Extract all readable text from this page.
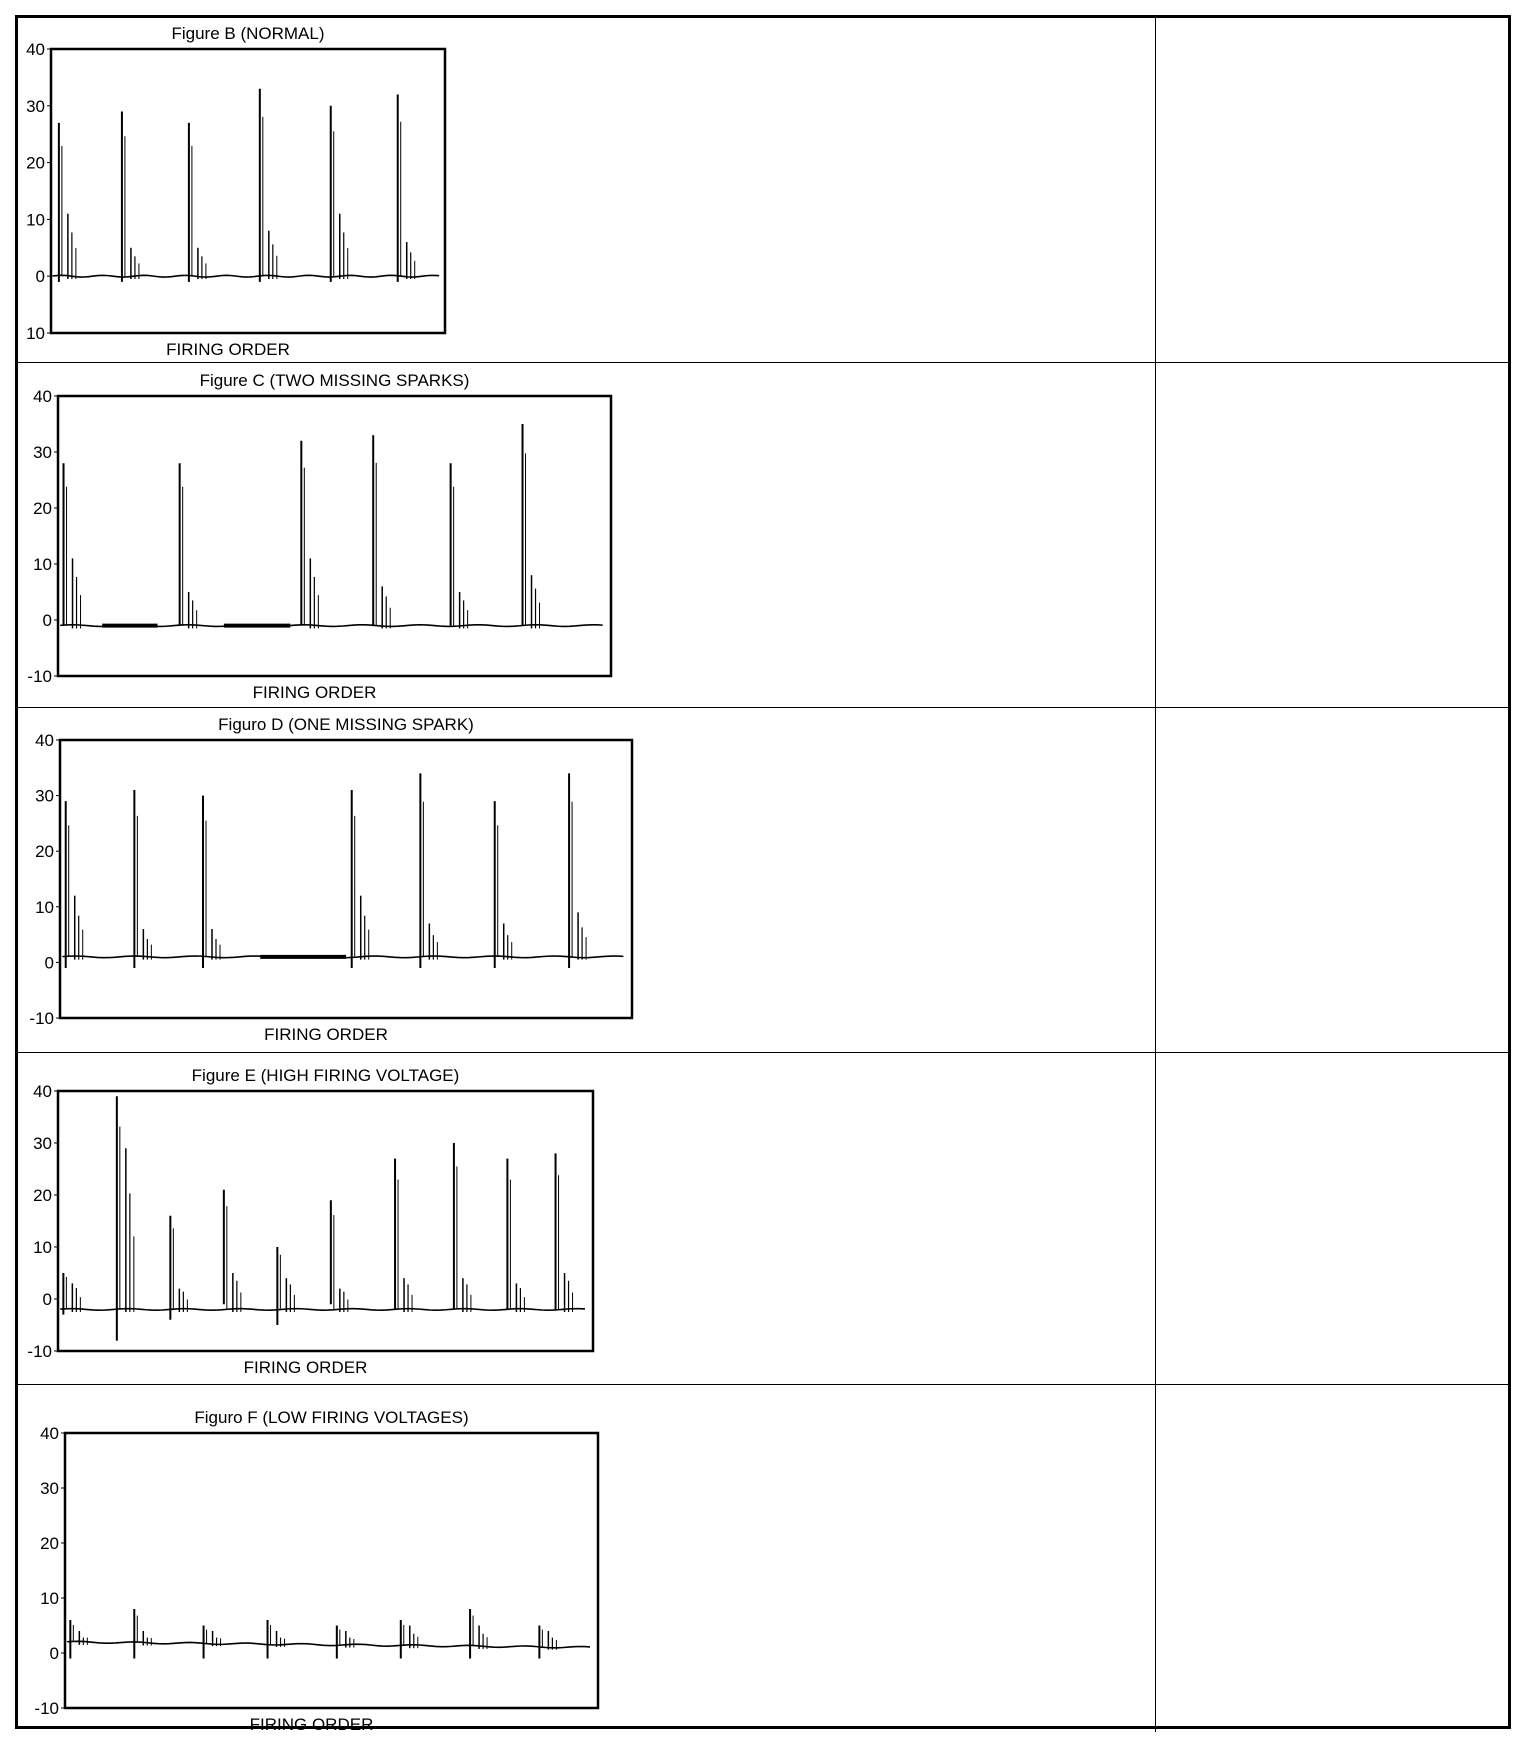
Figure B (NORMAL)
40
30
20
10
0
10
FIRING ORDER
Figure C (TWO MISSING SPARKS)
40
30
20
10
0
-10
FIRING ORDER
Figuro D (ONE MISSING SPARK)
40
30
20
10
0
-10
FIRING ORDER
Figure E (HIGH FIRING VOLTAGE)
40
30
20
10
0
-10
FIRING ORDER
Figuro F (LOW FIRING VOLTAGES)
40
30
20
10
0
-10
FIRING ORDER
